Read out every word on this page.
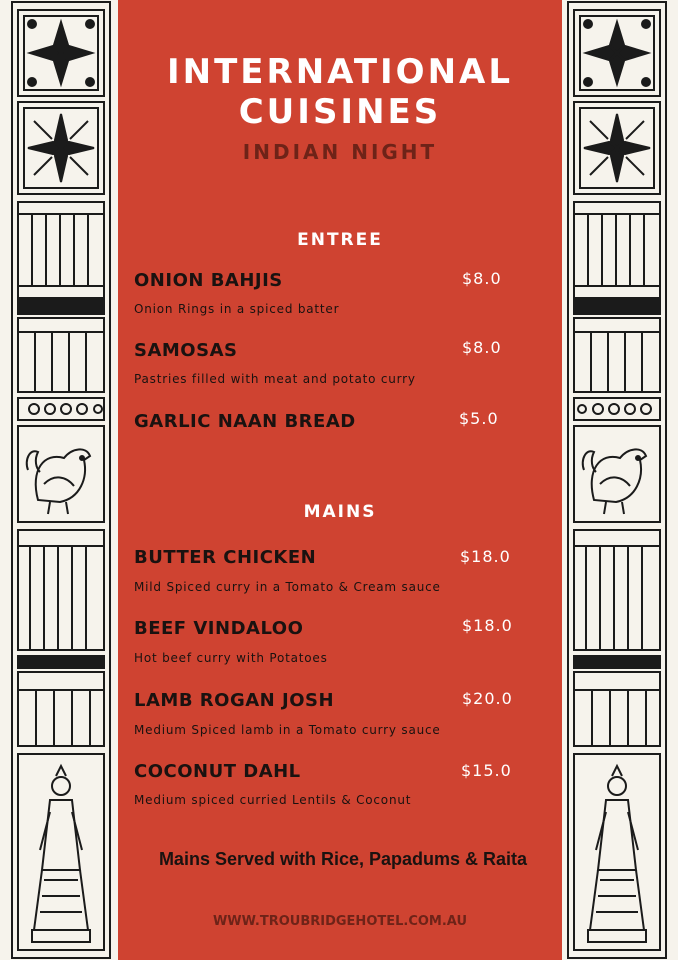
INTERNATIONAL
CUISINES
INDIAN NIGHT
ENTREE
ONION BAHJIS	$8.0
Onion Rings in a spiced batter
SAMOSAS	$8.0
Pastries filled with meat and potato curry
GARLIC NAAN BREAD	$5.0
MAINS
BUTTER CHICKEN	$18.0
Mild Spiced curry in a Tomato & Cream sauce
BEEF VINDALOO	$18.0
Hot beef curry with Potatoes
LAMB ROGAN JOSH	$20.0
Medium Spiced lamb in a Tomato curry sauce
COCONUT DAHL	$15.0
Medium spiced curried Lentils & Coconut
Mains Served with Rice, Papadums & Raita
WWW.TROUBRIDGEHOTEL.COM.AU
